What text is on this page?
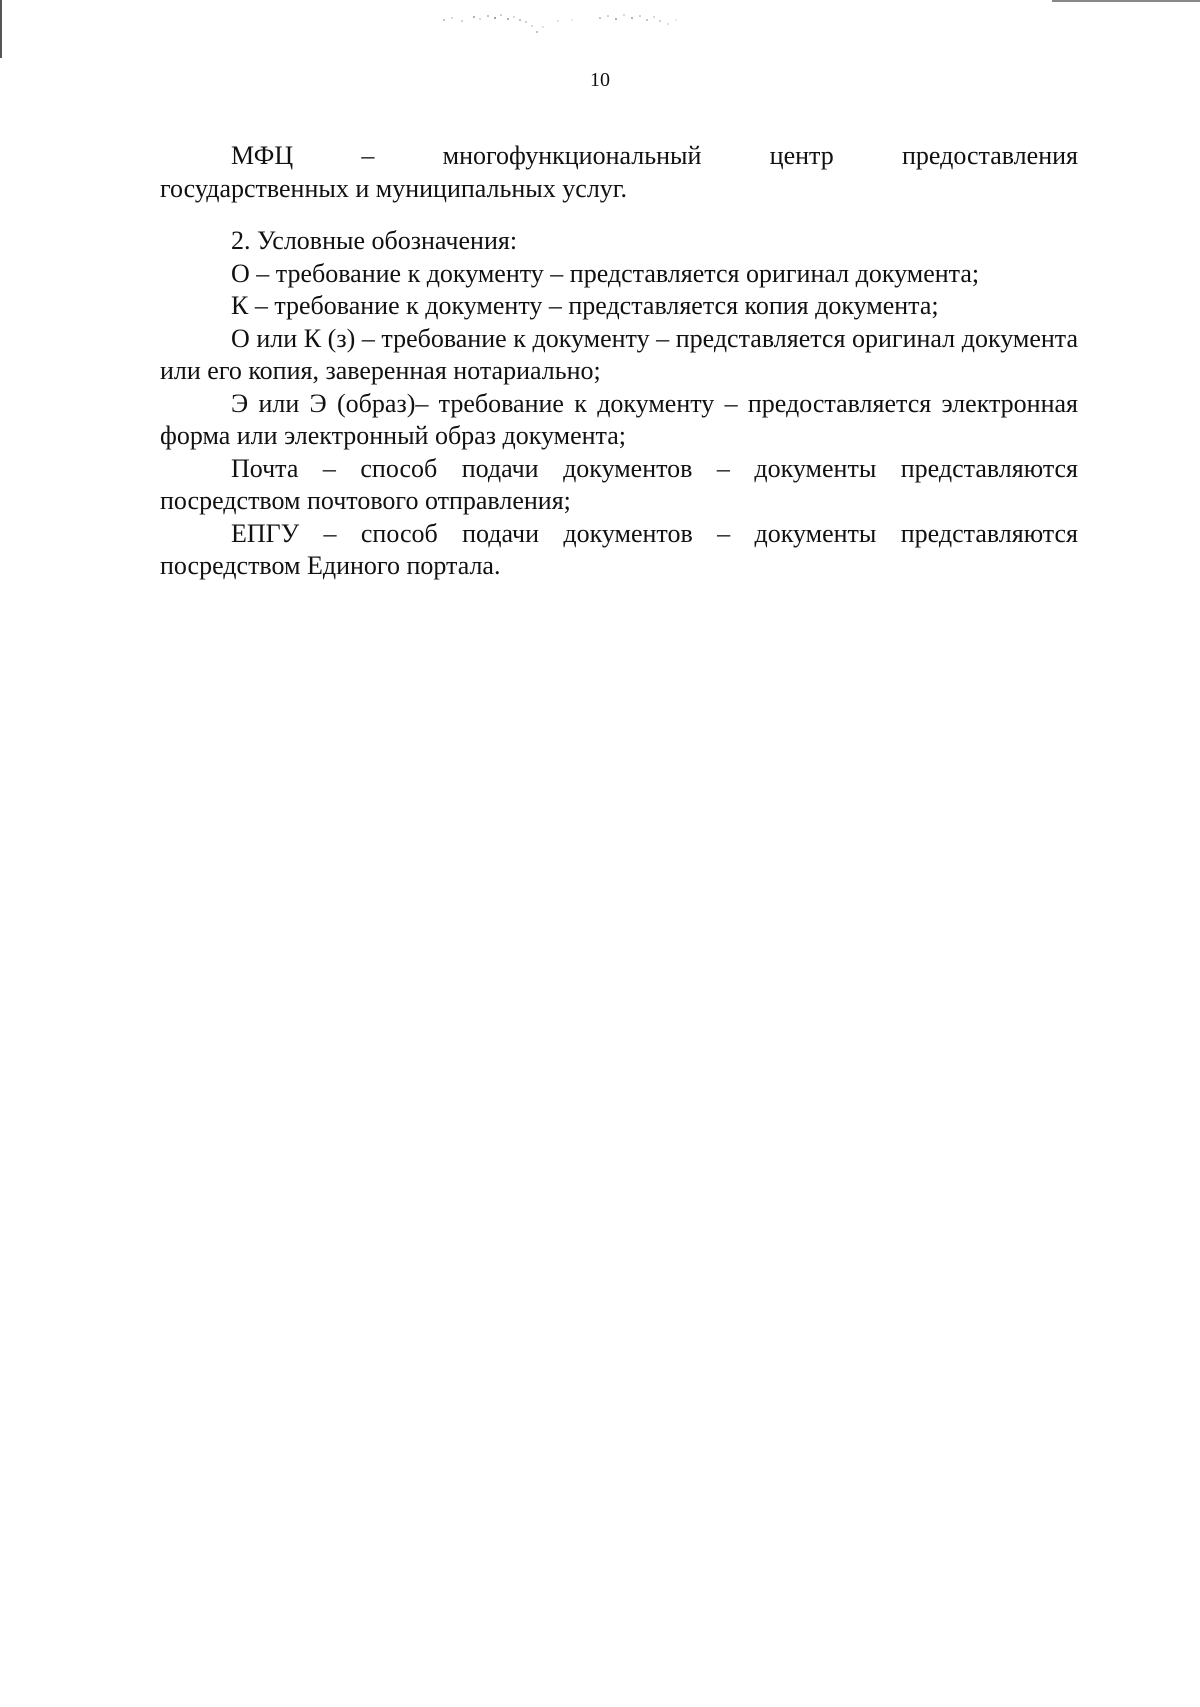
10
МФЦ	–	многофункциональный	центр	предоставления
государственных и муниципальных услуг.

2. Условные обозначения:

О – требование к документу – представляется оригинал документа;

К – требование к документу – представляется копия документа;

О или К (з) – требование к документу – представляется оригинал документа или его копия, заверенная нотариально;

Э или Э (образ)– требование к документу – предоставляется электронная форма или электронный образ документа;

Почта – способ подачи документов – документы представляются посредством почтового отправления;

ЕПГУ – способ подачи документов – документы представляются посредством Единого портала.
